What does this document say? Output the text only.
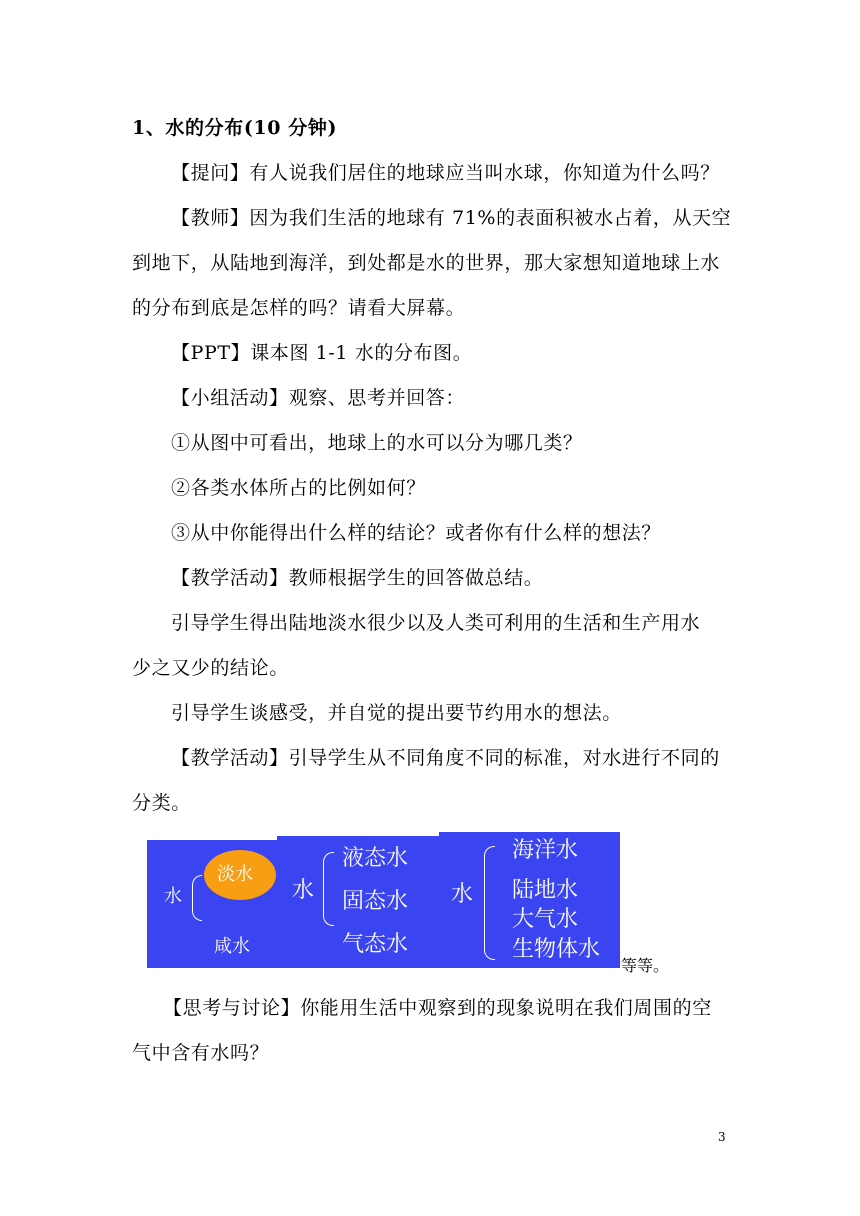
1、水的分布(10 分钟)
【提问】有人说我们居住的地球应当叫水球，你知道为什么吗？
【教师】因为我们生活的地球有 71%的表面积被水占着，从天空
到地下，从陆地到海洋，到处都是水的世界，那大家想知道地球上水
的分布到底是怎样的吗？请看大屏幕。
【PPT】课本图 1-1 水的分布图。
【小组活动】观察、思考并回答：
①从图中可看出，地球上的水可以分为哪几类？
②各类水体所占的比例如何？
③从中你能得出什么样的结论？或者你有什么样的想法？
【教学活动】教师根据学生的回答做总结。
引导学生得出陆地淡水很少以及人类可利用的生活和生产用水
少之又少的结论。
引导学生谈感受，并自觉的提出要节约用水的想法。
【教学活动】引导学生从不同角度不同的标准，对水进行不同的
分类。
水
淡水
咸水
水
液态水
固态水
气态水
水
海洋水
陆地水
大气水
生物体水
等等。
【思考与讨论】你能用生活中观察到的现象说明在我们周围的空
气中含有水吗？
3
